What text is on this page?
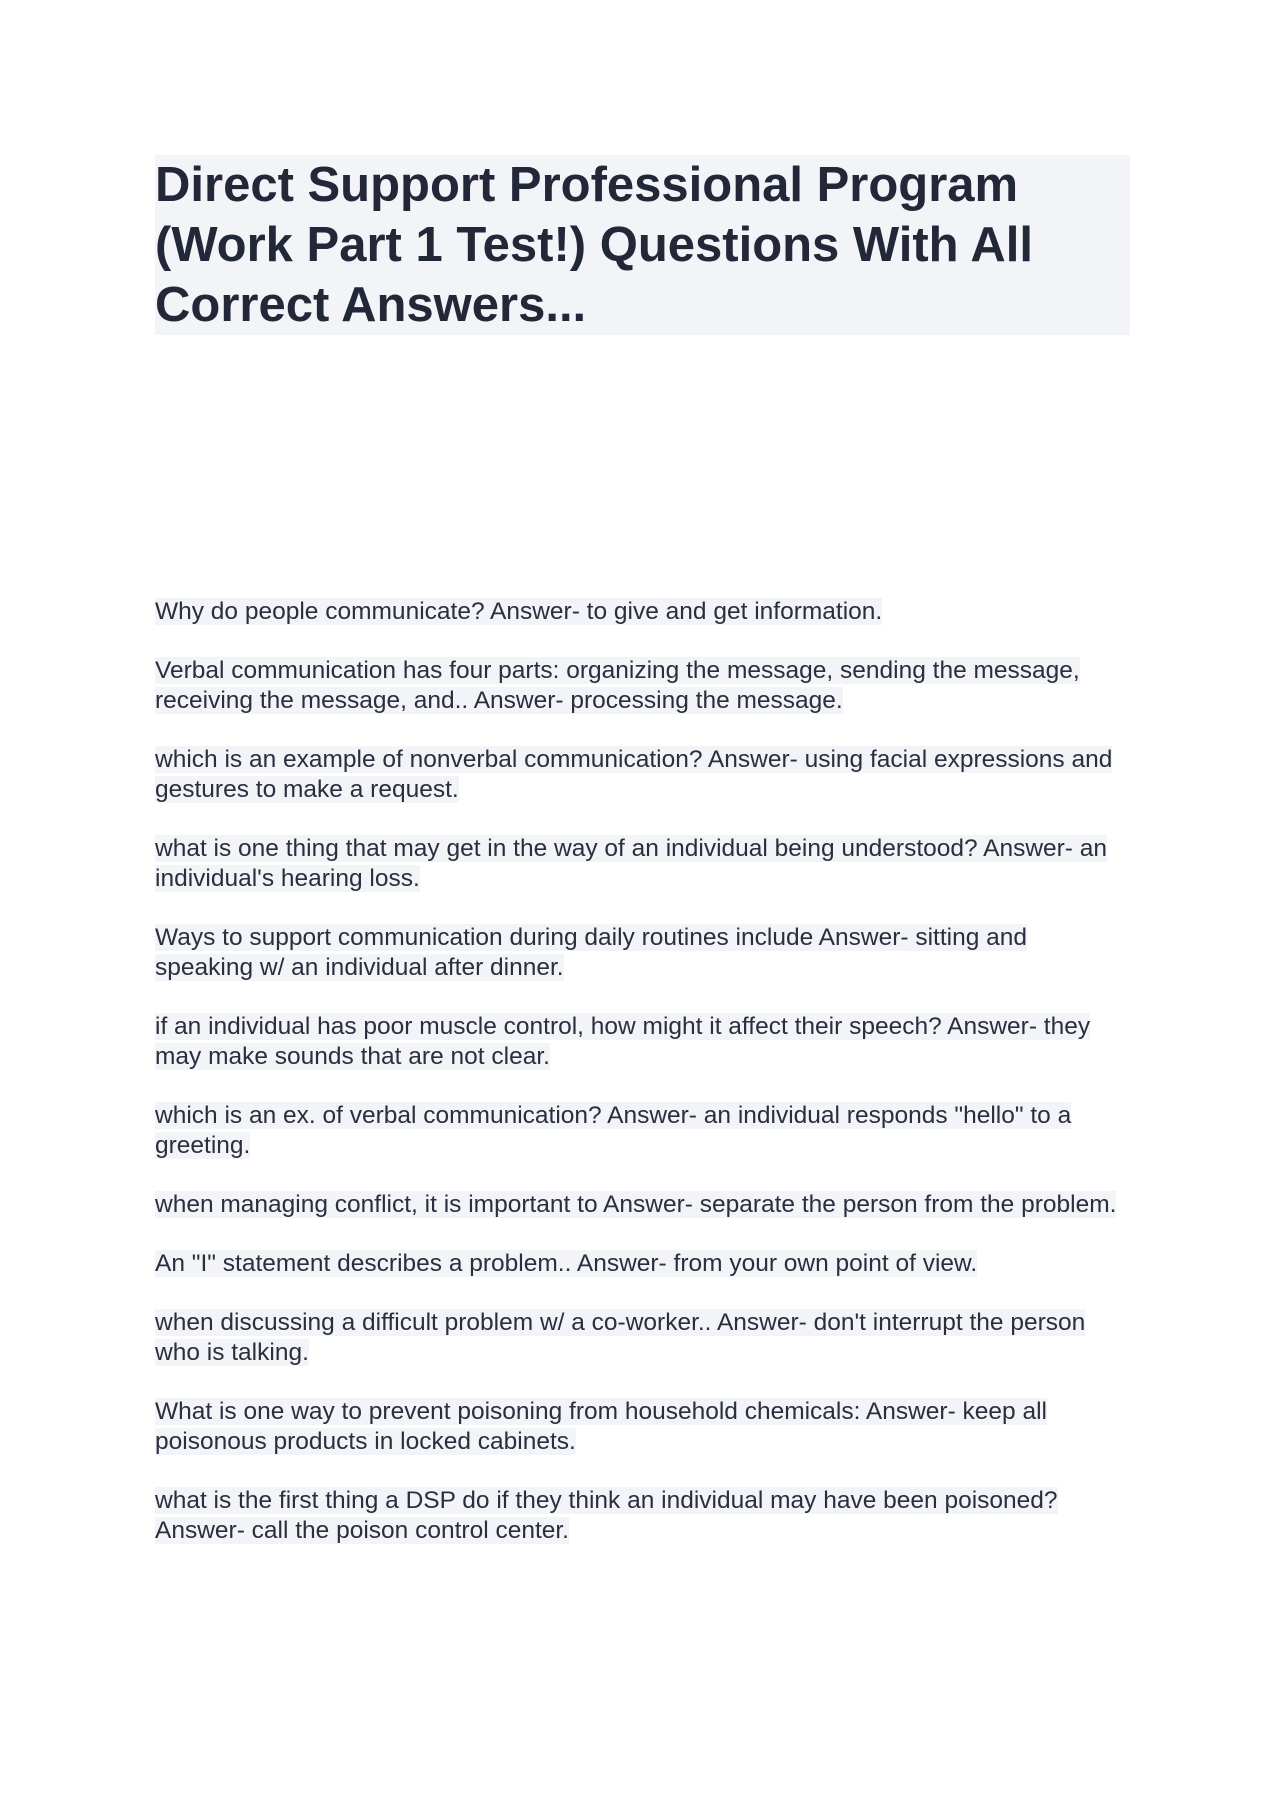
Direct Support Professional Program (Work Part 1 Test!) Questions With All Correct Answers...

Why do people communicate? Answer- to give and get information.

Verbal communication has four parts: organizing the message, sending the message, receiving the message, and.. Answer- processing the message.

which is an example of nonverbal communication? Answer- using facial expressions and gestures to make a request.

what is one thing that may get in the way of an individual being understood? Answer- an individual's hearing loss.

Ways to support communication during daily routines include Answer- sitting and speaking w/ an individual after dinner.

if an individual has poor muscle control, how might it affect their speech? Answer- they may make sounds that are not clear.

which is an ex. of verbal communication? Answer- an individual responds "hello" to a greeting.

when managing conflict, it is important to Answer- separate the person from the problem.

An "I" statement describes a problem.. Answer- from your own point of view.

when discussing a difficult problem w/ a co-worker.. Answer- don't interrupt the person who is talking.

What is one way to prevent poisoning from household chemicals: Answer- keep all poisonous products in locked cabinets.

what is the first thing a DSP do if they think an individual may have been poisoned? Answer- call the poison control center.
